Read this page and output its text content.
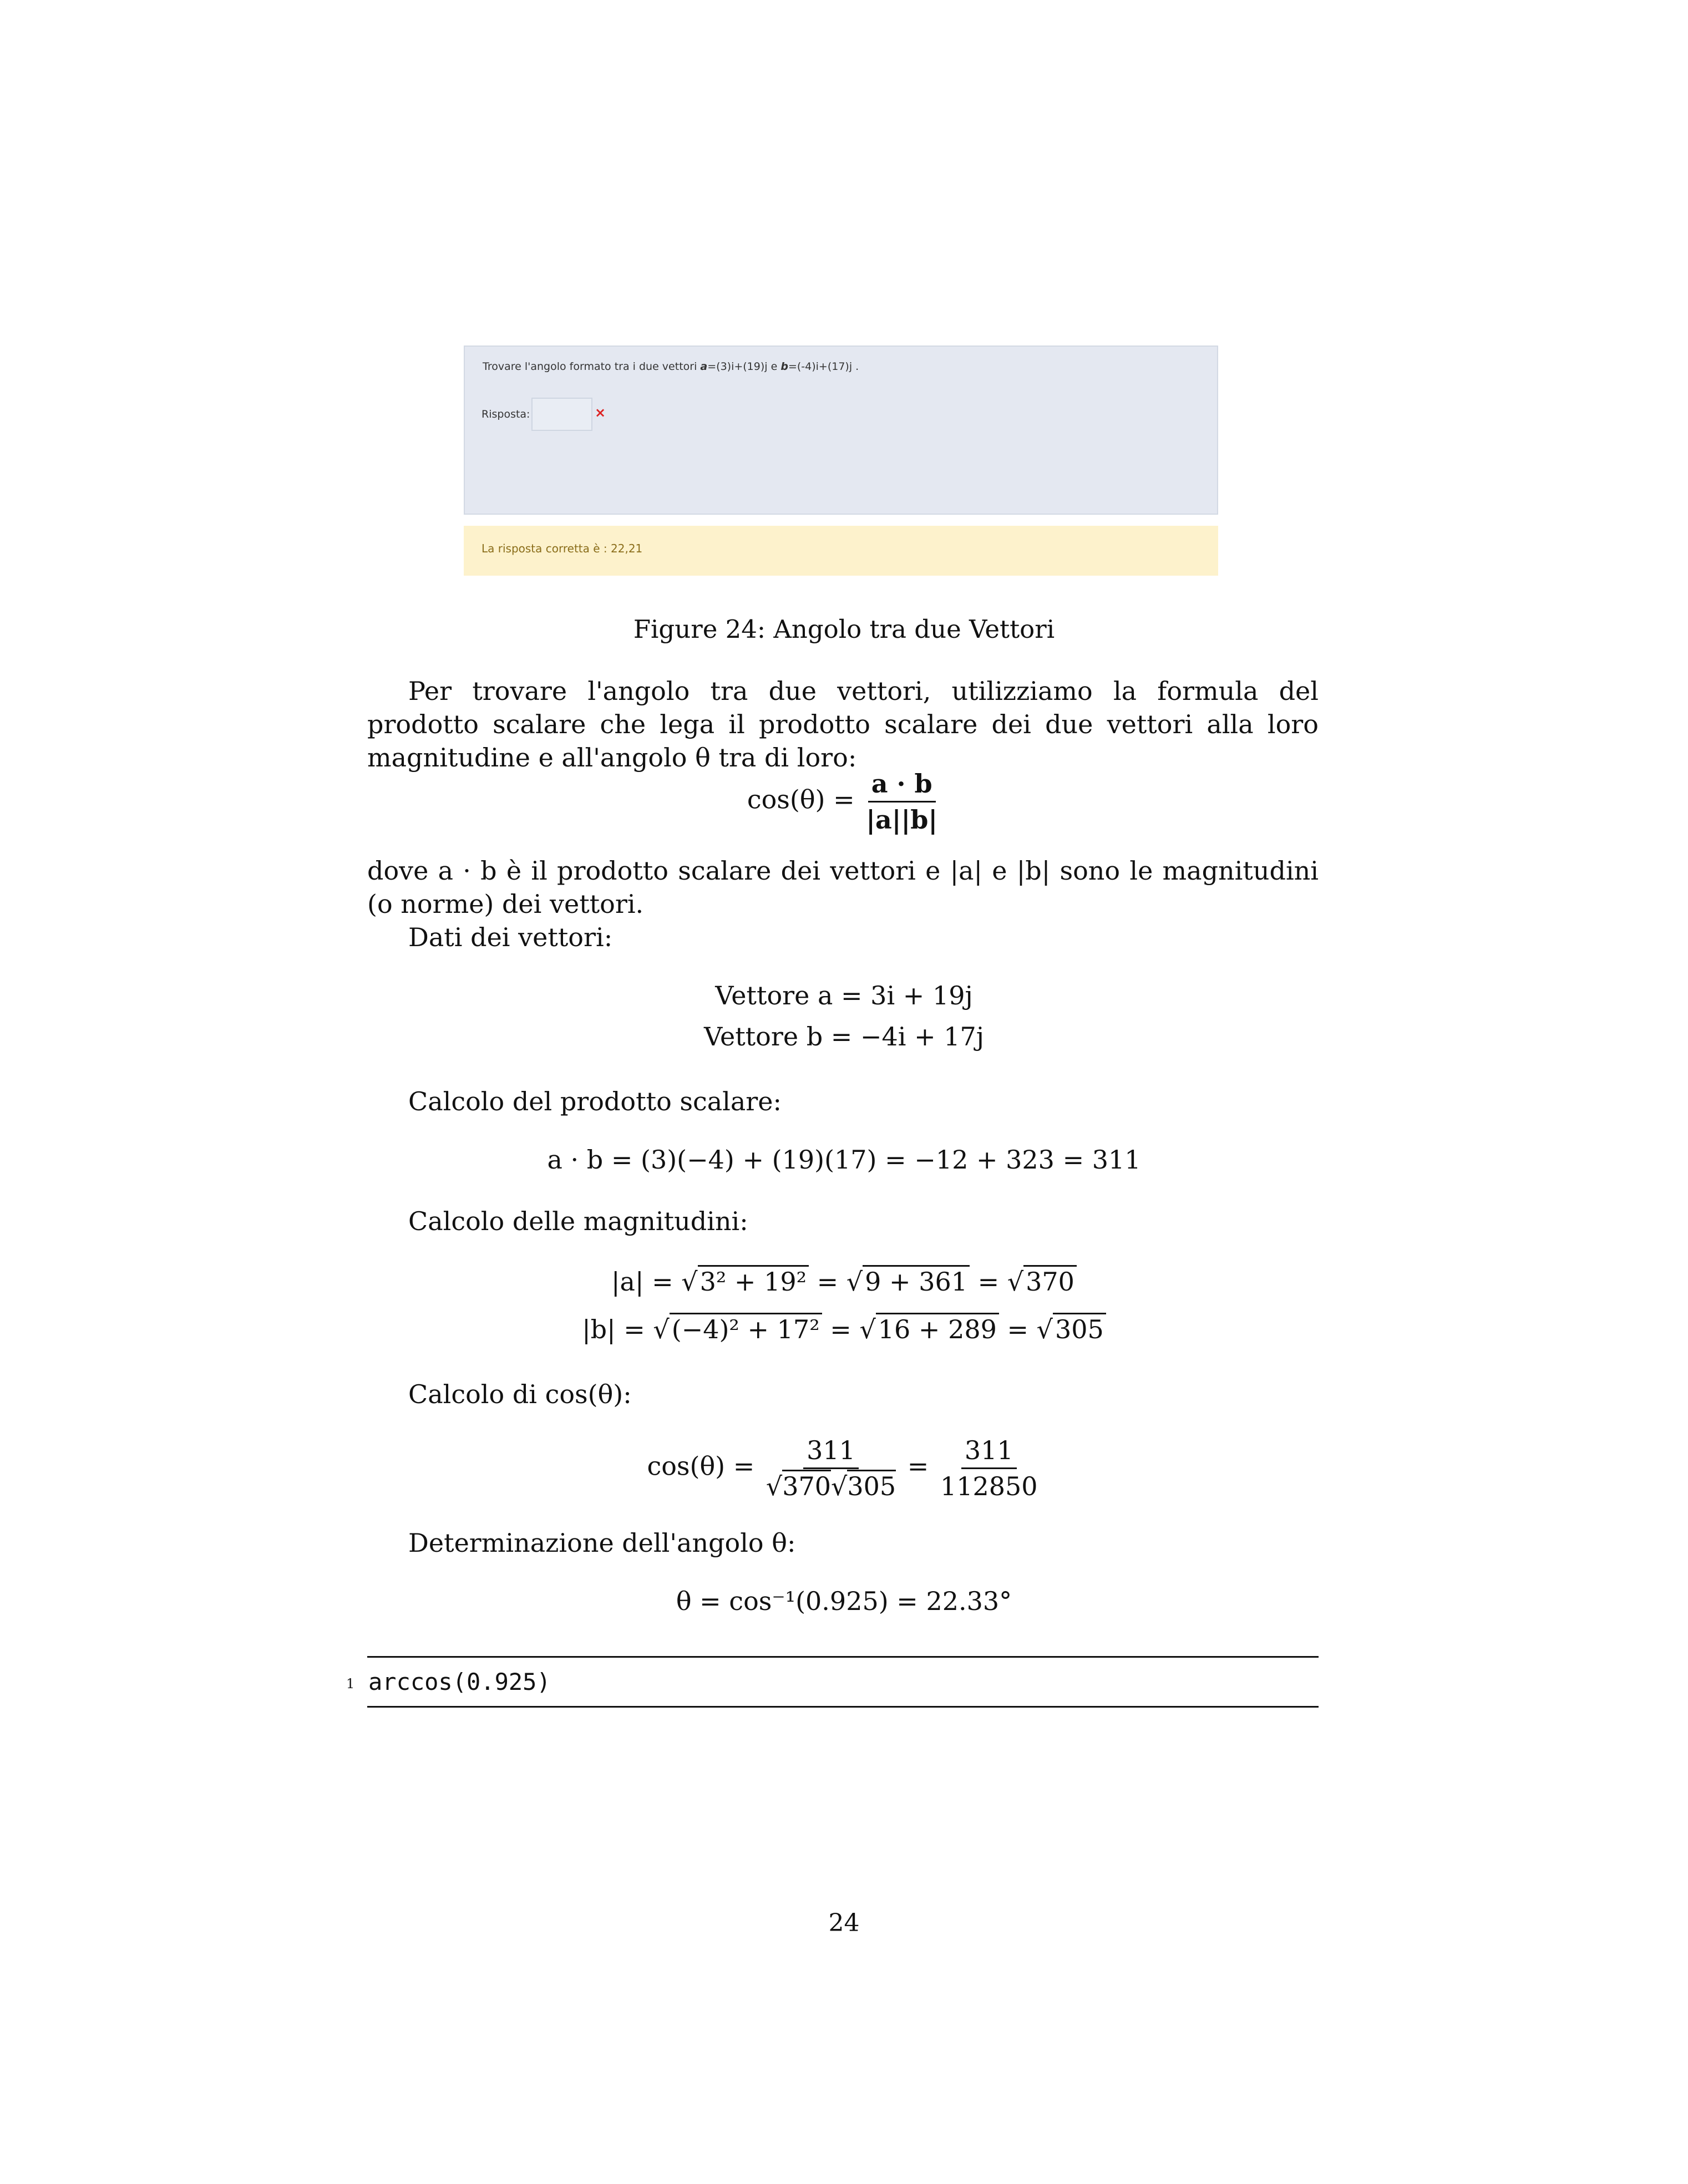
Trovare l'angolo formato tra i due vettori a=(3)i+(19)j e b=(-4)i+(17)j .
Risposta:	×
La risposta corretta è : 22,21
Figure 24: Angolo tra due Vettori
Per trovare l'angolo tra due vettori, utilizziamo la formula del prodotto scalare che lega il prodotto scalare dei due vettori alla loro magnitudine e all'angolo θ tra di loro:
$\cos(\theta) = \frac{a \cdot b}{|a||b|}$
dove a · b è il prodotto scalare dei vettori e |a| e |b| sono le magnitudini (o norme) dei vettori.
Dati dei vettori:
Vettore a = 3i + 19j
Vettore b = −4i + 17j
Calcolo del prodotto scalare:
a · b = (3)(−4) + (19)(17) = −12 + 323 = 311
Calcolo delle magnitudini:
|a| = √3² + 19² = √9 + 361 = √370
|b| = √(−4)² + 17² = √16 + 289 = √305
Calcolo di cos(θ):
$\cos(\theta) = \frac{311}{√370√305} = \frac{311}{112850}$
Determinazione dell'angolo θ:
θ = cos⁻¹(0.925) = 22.33°
1 arccos(0.925)
24
